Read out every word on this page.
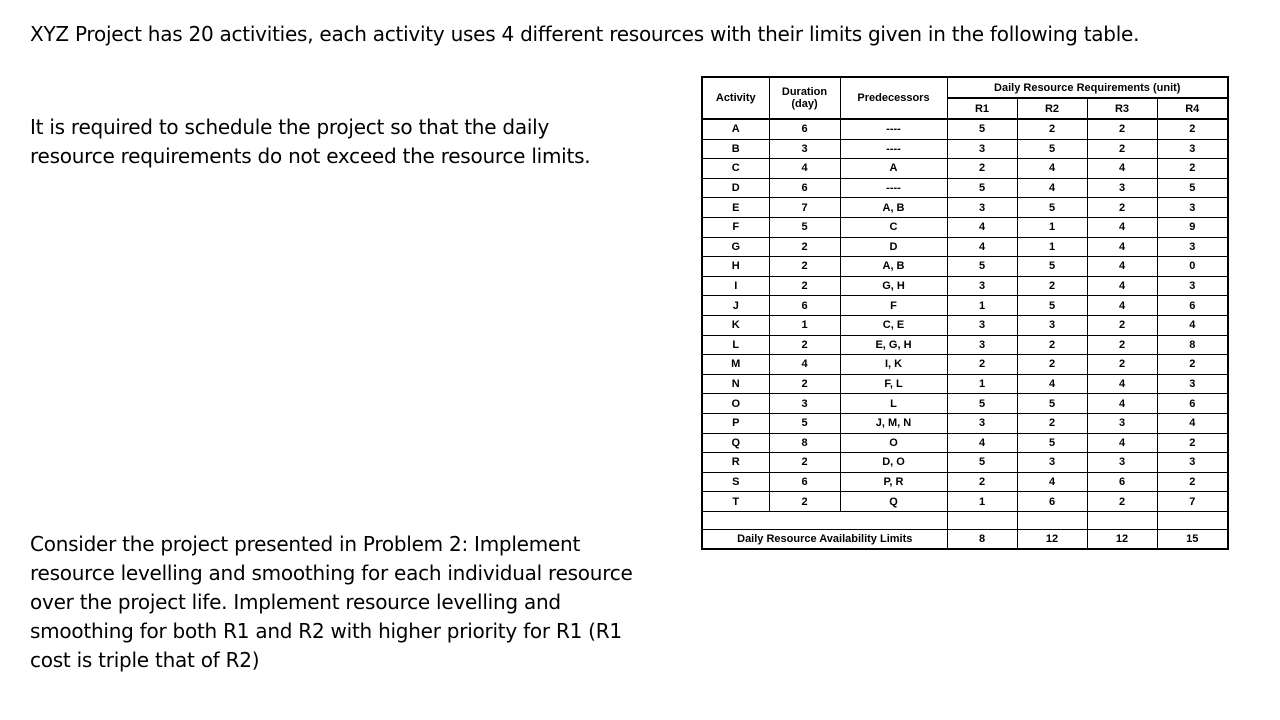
XYZ Project has 20 activities, each activity uses 4 different resources with their limits given in the following table.
It is required to schedule the project so that the daily resource requirements do not exceed the resource limits.
Activity	Duration (day)	Predecessors	Daily Resource Requirements (unit)			
			R1	R2	R3	R4
A	6	----	5	2	2	2
B	3	----	3	5	2	3
C	4	A	2	4	4	2
D	6	----	5	4	3	5
E	7	A, B	3	5	2	3
F	5	C	4	1	4	9
G	2	D	4	1	4	3
H	2	A, B	5	5	4	0
I	2	G, H	3	2	4	3
J	6	F	1	5	4	6
K	1	C, E	3	3	2	4
L	2	E, G, H	3	2	2	8
M	4	I, K	2	2	2	2
N	2	F, L	1	4	4	3
O	3	L	5	5	4	6
P	5	J, M, N	3	2	3	4
Q	8	O	4	5	4	2
R	2	D, O	5	3	3	3
S	6	P, R	2	4	6	2
T	2	Q	1	6	2	7

Daily Resource Availability Limits			8	12	12	15
Consider the project presented in Problem 2: Implement resource levelling and smoothing for each individual resource over the project life. Implement resource levelling and smoothing for both R1 and R2 with higher priority for R1 (R1 cost is triple that of R2)
